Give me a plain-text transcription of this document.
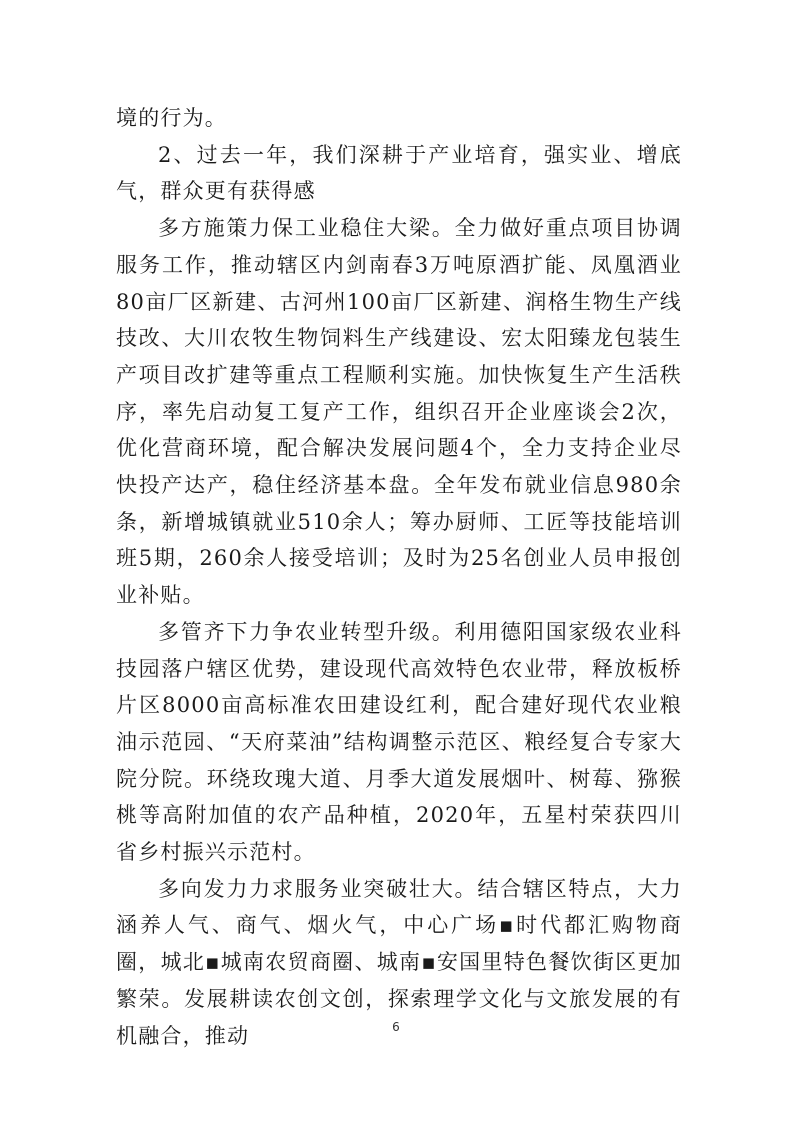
境的行为。

2、过去一年，我们深耕于产业培育，强实业、增底气，群众更有获得感

多方施策力保工业稳住大梁。全力做好重点项目协调服务工作，推动辖区内剑南春3万吨原酒扩能、凤凰酒业80亩厂区新建、古河州100亩厂区新建、润格生物生产线技改、大川农牧生物饲料生产线建设、宏太阳臻龙包装生产项目改扩建等重点工程顺利实施。加快恢复生产生活秩序，率先启动复工复产工作，组织召开企业座谈会2次，优化营商环境，配合解决发展问题4个，全力支持企业尽快投产达产，稳住经济基本盘。全年发布就业信息980余条，新增城镇就业510余人；筹办厨师、工匠等技能培训班5期，260余人接受培训；及时为25名创业人员申报创业补贴。

多管齐下力争农业转型升级。利用德阳国家级农业科技园落户辖区优势，建设现代高效特色农业带，释放板桥片区8000亩高标准农田建设红利，配合建好现代农业粮油示范园、“天府菜油”结构调整示范区、粮经复合专家大院分院。环绕玫瑰大道、月季大道发展烟叶、树莓、猕猴桃等高附加值的农产品种植，2020年，五星村荣获四川省乡村振兴示范村。

多向发力力求服务业突破壮大。结合辖区特点，大力涵养人气、商气、烟火气，中心广场▪时代都汇购物商圈，城北▪城南农贸商圈、城南▪安国里特色餐饮街区更加繁荣。发展耕读农创文创，探索理学文化与文旅发展的有机融合，推动	6
